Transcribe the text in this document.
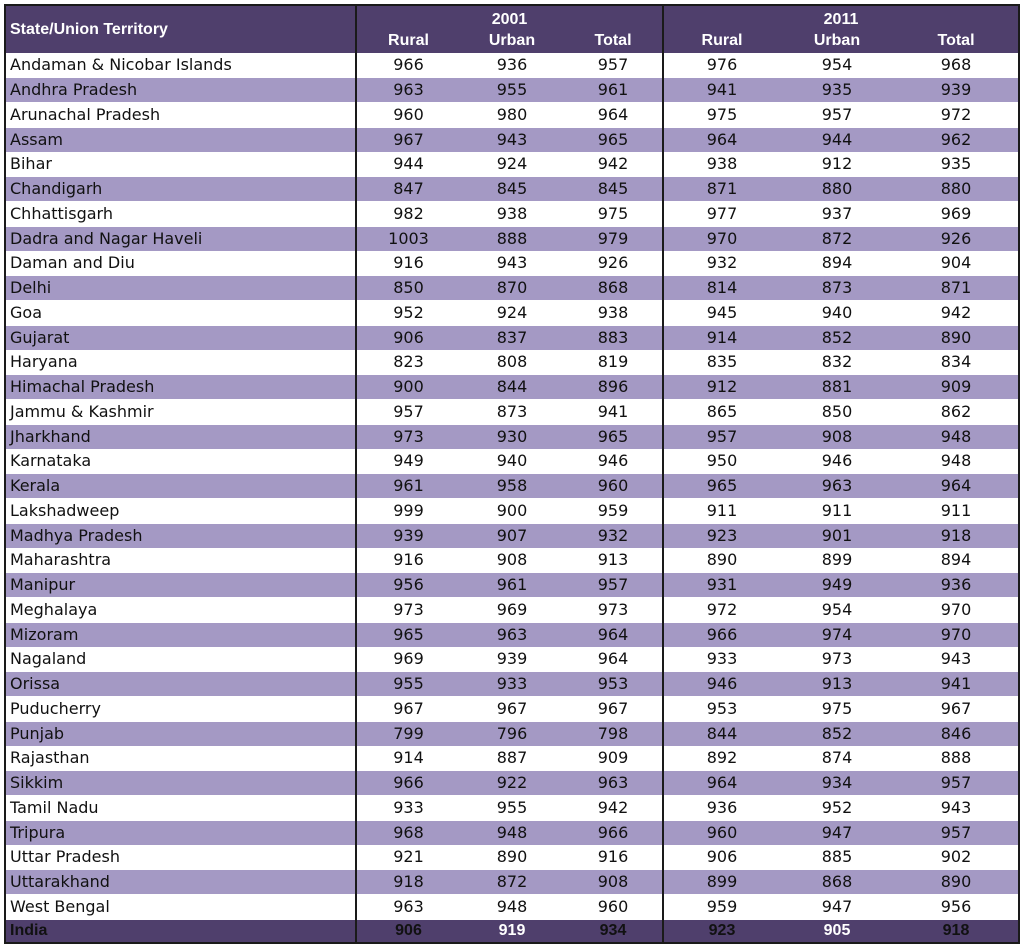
State/Union Territory	2001			2011		
	Rural	Urban	Total	Rural	Urban	Total
Andaman & Nicobar Islands	966	936	957	976	954	968
Andhra Pradesh	963	955	961	941	935	939
Arunachal Pradesh	960	980	964	975	957	972
Assam	967	943	965	964	944	962
Bihar	944	924	942	938	912	935
Chandigarh	847	845	845	871	880	880
Chhattisgarh	982	938	975	977	937	969
Dadra and Nagar Haveli	1003	888	979	970	872	926
Daman and Diu	916	943	926	932	894	904
Delhi	850	870	868	814	873	871
Goa	952	924	938	945	940	942
Gujarat	906	837	883	914	852	890
Haryana	823	808	819	835	832	834
Himachal Pradesh	900	844	896	912	881	909
Jammu & Kashmir	957	873	941	865	850	862
Jharkhand	973	930	965	957	908	948
Karnataka	949	940	946	950	946	948
Kerala	961	958	960	965	963	964
Lakshadweep	999	900	959	911	911	911
Madhya Pradesh	939	907	932	923	901	918
Maharashtra	916	908	913	890	899	894
Manipur	956	961	957	931	949	936
Meghalaya	973	969	973	972	954	970
Mizoram	965	963	964	966	974	970
Nagaland	969	939	964	933	973	943
Orissa	955	933	953	946	913	941
Puducherry	967	967	967	953	975	967
Punjab	799	796	798	844	852	846
Rajasthan	914	887	909	892	874	888
Sikkim	966	922	963	964	934	957
Tamil Nadu	933	955	942	936	952	943
Tripura	968	948	966	960	947	957
Uttar Pradesh	921	890	916	906	885	902
Uttarakhand	918	872	908	899	868	890
West Bengal	963	948	960	959	947	956
India	906	919	934	923	905	918
